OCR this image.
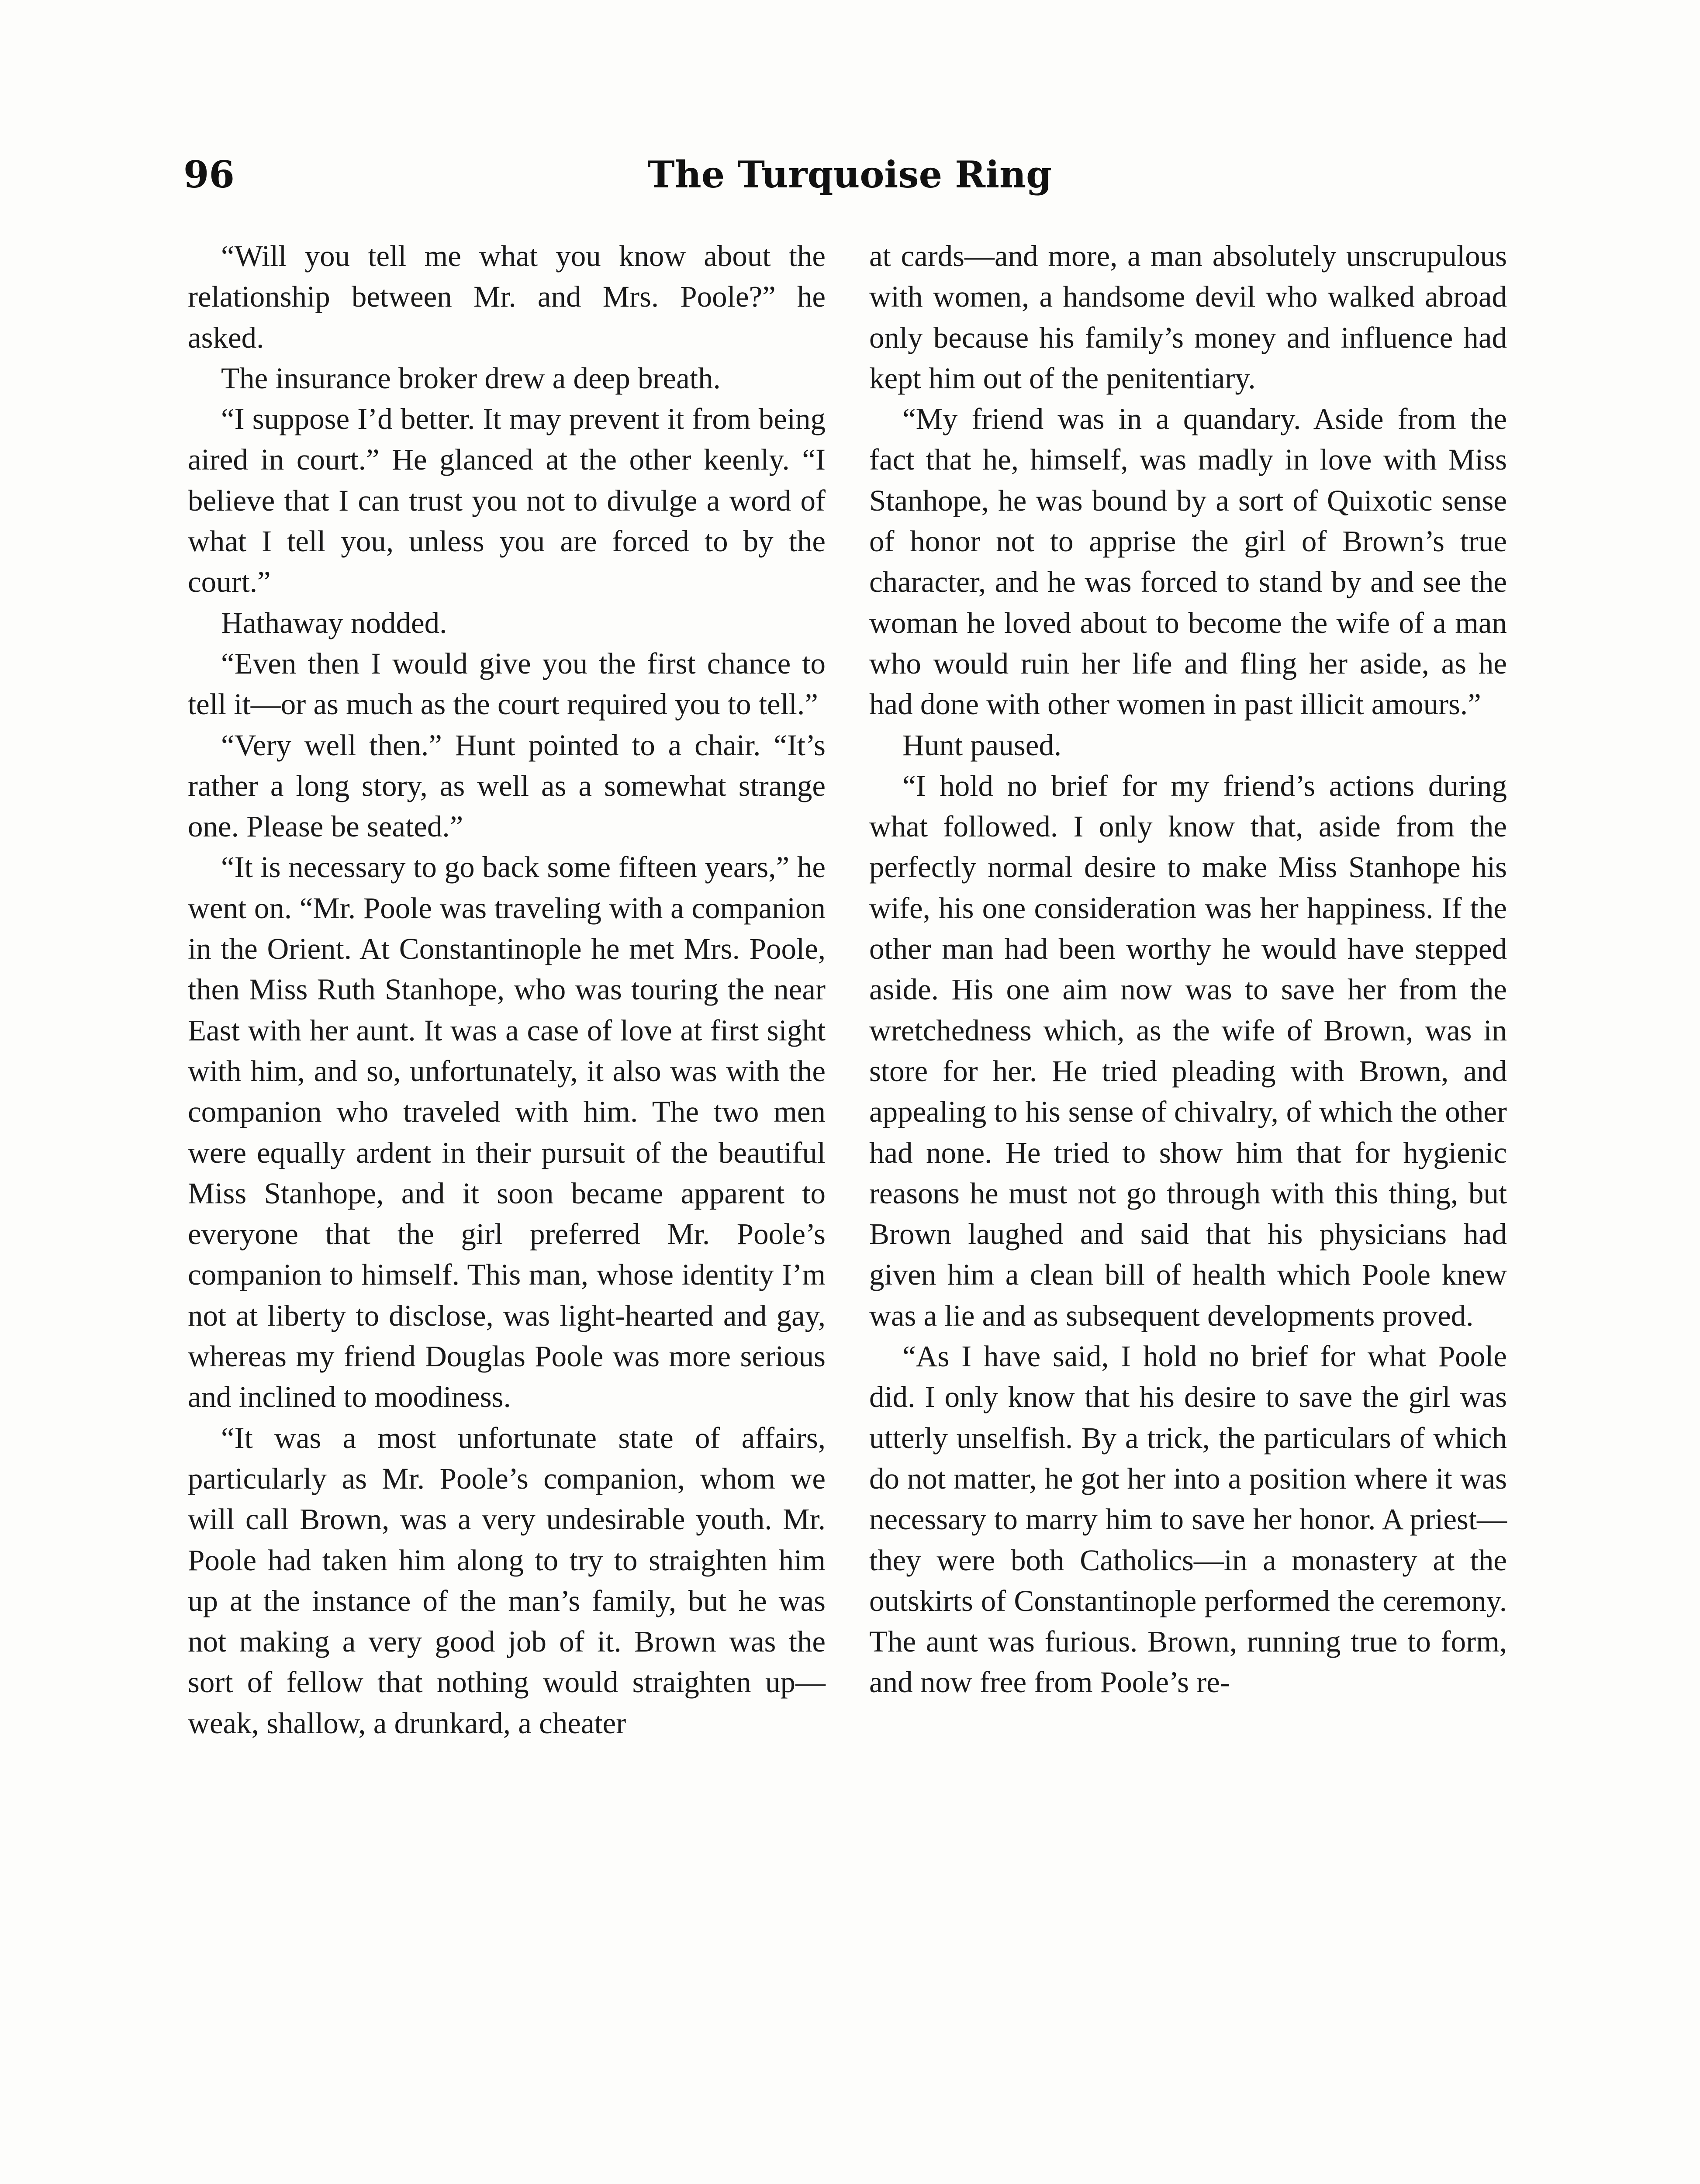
96	The Turquoise Ring

“Will you tell me what you know about the relationship between Mr. and Mrs. Poole?” he asked.

The insurance broker drew a deep breath.

“I suppose I’d better. It may prevent it from being aired in court.” He glanced at the other keenly. “I believe that I can trust you not to divulge a word of what I tell you, unless you are forced to by the court.”

Hathaway nodded.

“Even then I would give you the first chance to tell it—or as much as the court required you to tell.”

“Very well then.” Hunt pointed to a chair. “It’s rather a long story, as well as a somewhat strange one. Please be seated.”

“It is necessary to go back some fifteen years,” he went on. “Mr. Poole was traveling with a companion in the Orient. At Constantinople he met Mrs. Poole, then Miss Ruth Stanhope, who was touring the near East with her aunt. It was a case of love at first sight with him, and so, unfortunately, it also was with the companion who traveled with him. The two men were equally ardent in their pursuit of the beautiful Miss Stanhope, and it soon became apparent to everyone that the girl preferred Mr. Poole’s companion to himself. This man, whose identity I’m not at liberty to disclose, was light-hearted and gay, whereas my friend Douglas Poole was more serious and inclined to moodiness.

“It was a most unfortunate state of affairs, particularly as Mr. Poole’s companion, whom we will call Brown, was a very undesirable youth. Mr. Poole had taken him along to try to straighten him up at the instance of the man’s family, but he was not making a very good job of it. Brown was the sort of fellow that nothing would straighten up—weak, shallow, a drunkard, a cheater

at cards—and more, a man absolutely unscrupulous with women, a handsome devil who walked abroad only because his family’s money and influence had kept him out of the penitentiary.

“My friend was in a quandary. Aside from the fact that he, himself, was madly in love with Miss Stanhope, he was bound by a sort of Quixotic sense of honor not to apprise the girl of Brown’s true character, and he was forced to stand by and see the woman he loved about to become the wife of a man who would ruin her life and fling her aside, as he had done with other women in past illicit amours.”

Hunt paused.

“I hold no brief for my friend’s actions during what followed. I only know that, aside from the perfectly normal desire to make Miss Stanhope his wife, his one consideration was her happiness. If the other man had been worthy he would have stepped aside. His one aim now was to save her from the wretchedness which, as the wife of Brown, was in store for her. He tried pleading with Brown, and appealing to his sense of chivalry, of which the other had none. He tried to show him that for hygienic reasons he must not go through with this thing, but Brown laughed and said that his physicians had given him a clean bill of health which Poole knew was a lie and as subsequent developments proved.

“As I have said, I hold no brief for what Poole did. I only know that his desire to save the girl was utterly unselfish. By a trick, the particulars of which do not matter, he got her into a position where it was necessary to marry him to save her honor. A priest—they were both Catholics—in a monastery at the outskirts of Constantinople performed the ceremony. The aunt was furious. Brown, running true to form, and now free from Poole’s re-
